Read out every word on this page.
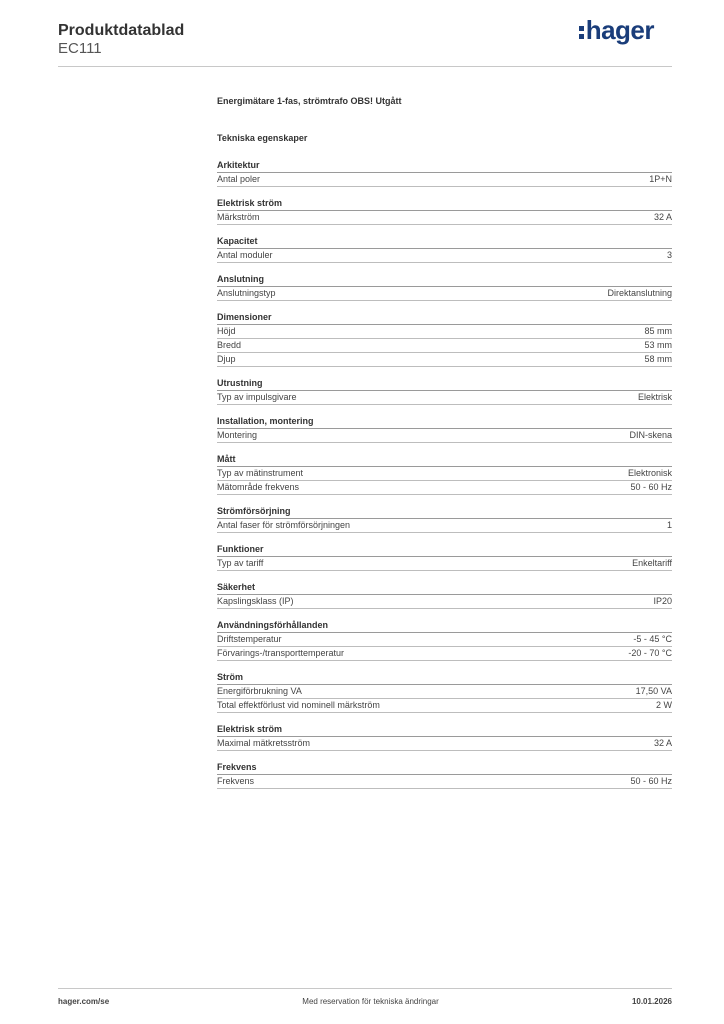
Produktdatablad

EC111

hager

Energimätare 1-fas, strömtrafo OBS! Utgått

Tekniska egenskaper

Arkitektur
Antal poler	1P+N
Elektrisk ström
Märkström	32 A
Kapacitet
Antal moduler	3
Anslutning
Anslutningstyp	Direktanslutning
Dimensioner
Höjd	85 mm
Bredd	53 mm
Djup	58 mm
Utrustning
Typ av impulsgivare	Elektrisk
Installation, montering
Montering	DIN-skena
Mått
Typ av mätinstrument	Elektronisk
Mätområde frekvens	50 - 60 Hz
Strömförsörjning
Antal faser för strömförsörjningen	1
Funktioner
Typ av tariff	Enkeltariff
Säkerhet
Kapslingsklass (IP)	IP20
Användningsförhållanden
Driftstemperatur	-5 - 45 °C
Förvarings-/transporttemperatur	-20 - 70 °C
Ström
Energiförbrukning VA	17,50 VA
Total effektförlust vid nominell märkström	2 W
Elektrisk ström
Maximal mätkretsström	32 A
Frekvens
Frekvens	50 - 60 Hz
hager.com/se	Med reservation för tekniska ändringar	10.01.2026
